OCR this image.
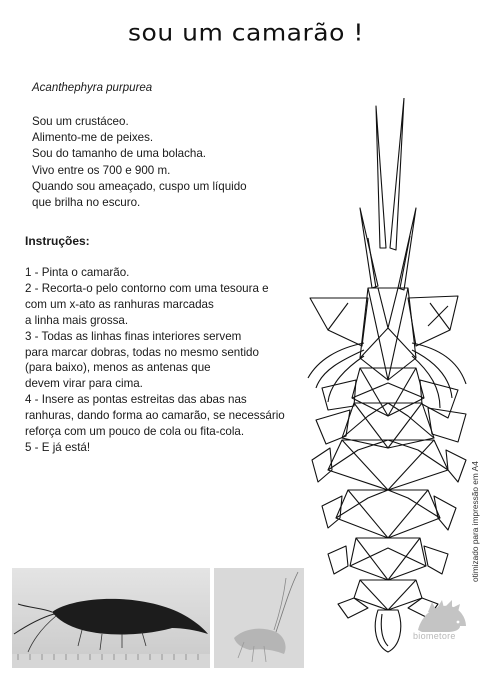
sou um camarão !
Acanthephyra purpurea
Sou um crustáceo.
Alimento-me de peixes.
Sou do tamanho de uma bolacha.
Vivo entre os 700 e 900 m.
Quando sou ameaçado, cuspo um líquido
que brilha no escuro.
Instruções:
1 - Pinta o camarão.
2 - Recorta-o pelo contorno com uma tesoura e
com um x-ato as ranhuras marcadas
a linha mais grossa.
3 - Todas as linhas finas interiores servem
para marcar dobras, todas no mesmo sentido
(para baixo), menos as antenas que
devem virar para cima.
4 - Insere as pontas estreitas das abas nas
ranhuras, dando forma ao camarão, se necessário
reforça com um pouco de cola ou fita-cola.
5 - E já está!
otimizado para impressão em A4
biometore
